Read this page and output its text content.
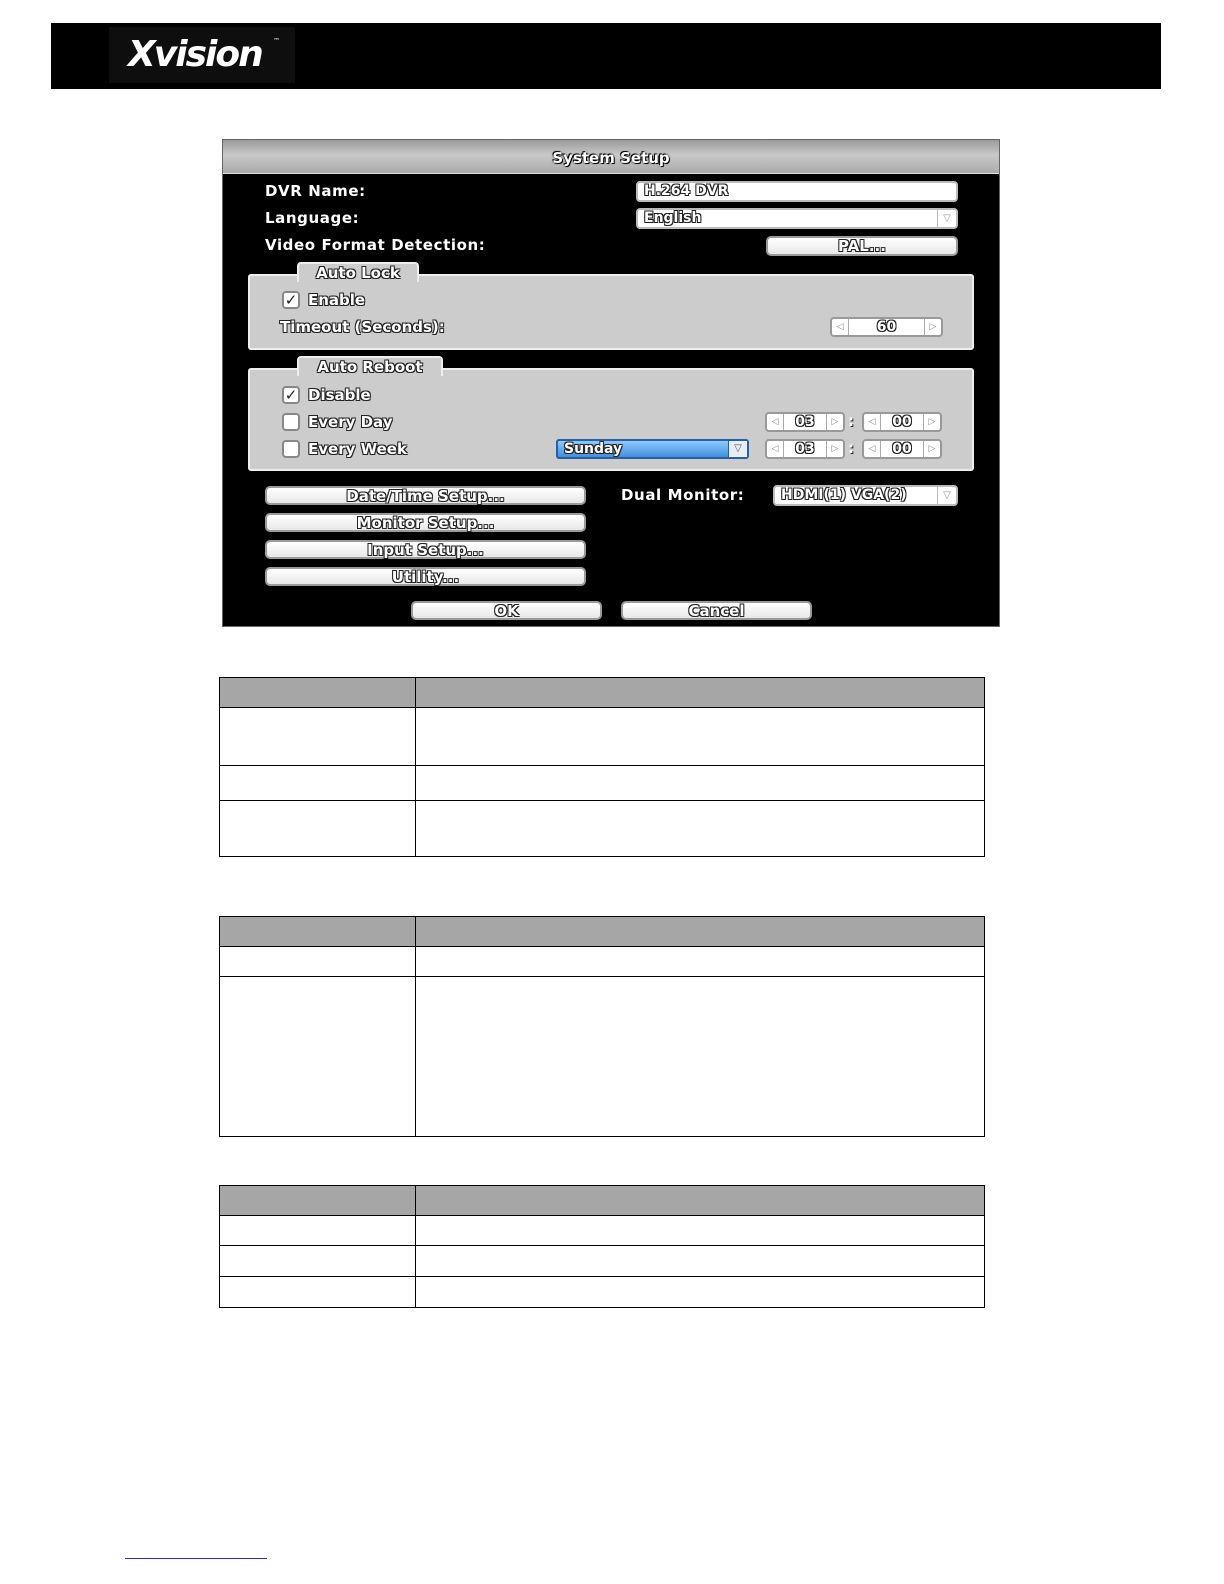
Xvision ™
System Setup
DVR Name:	H.264 DVR
Language:	English	▽
Video Format Detection:	PAL...
✓ Enable
Timeout (Seconds):	◁	60	▷
Auto Lock
✓ Disable
Every Day	◁	03	▷ :	◁	00	▷
Every Week	Sunday	▽	◁	03	▷ :	◁	00	▷
Auto Reboot
Date/Time Setup...
Monitor Setup...
Input Setup...
Utility...
Dual Monitor:	HDMI(1) VGA(2)	▽
OK	Cancel
